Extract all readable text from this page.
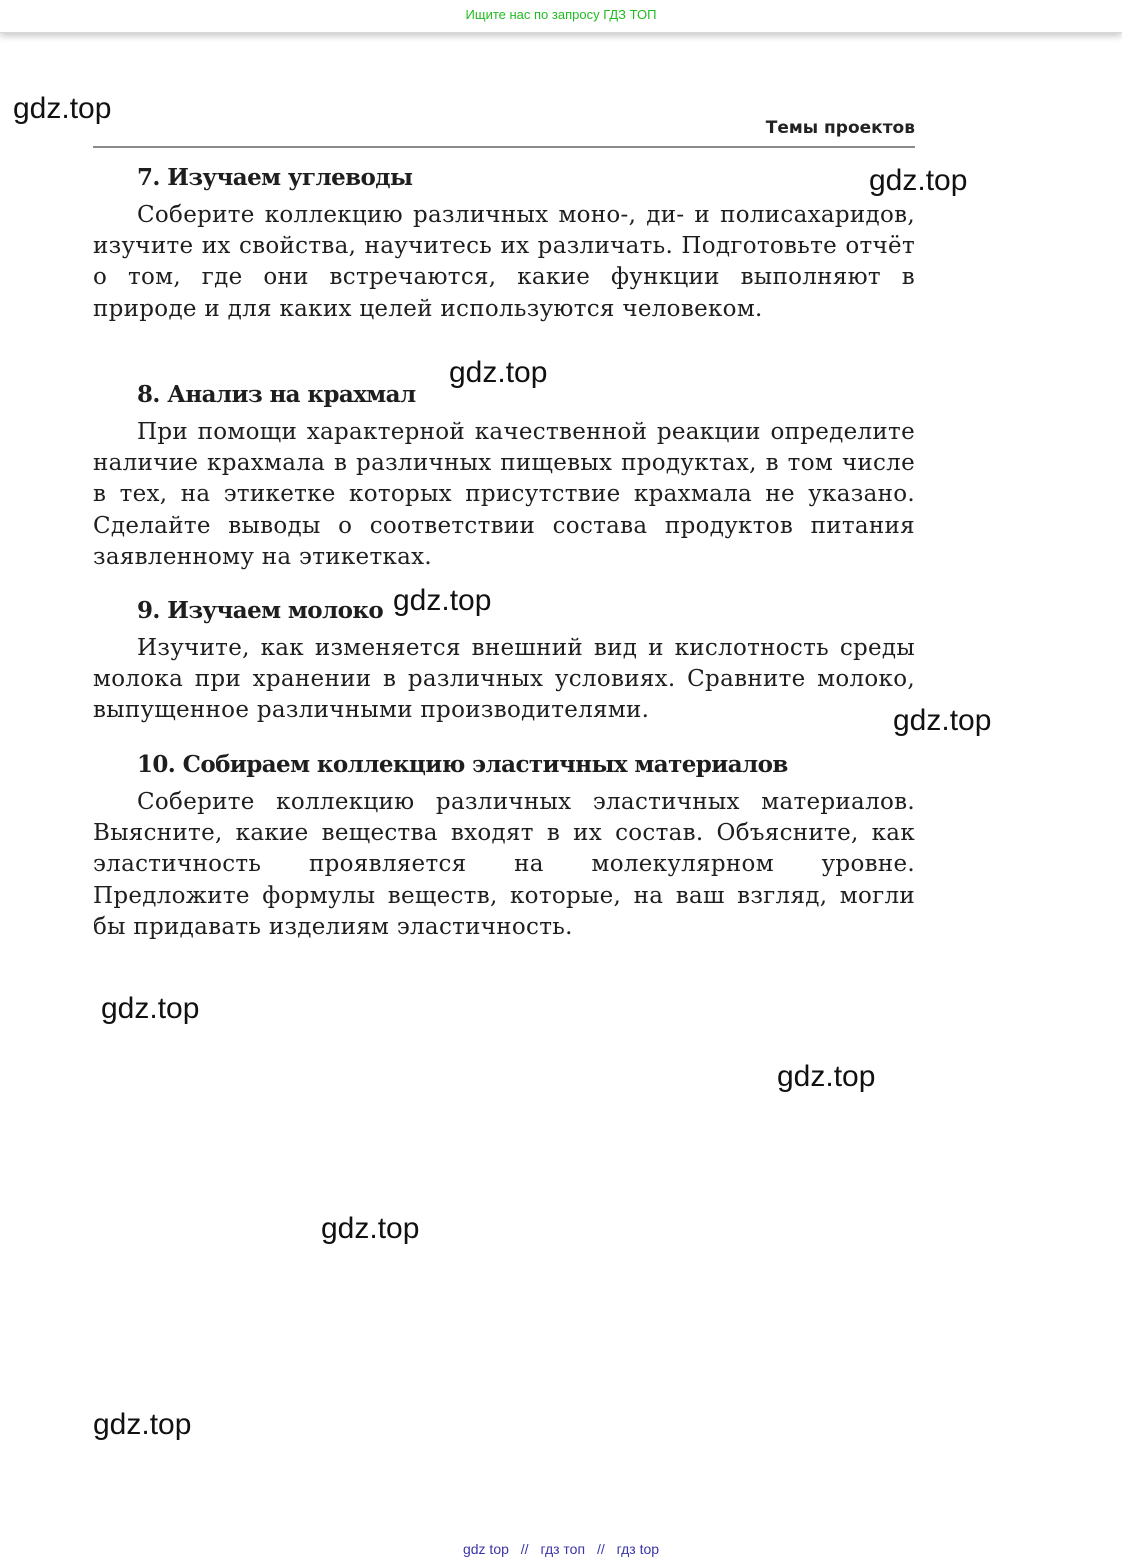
Ищите нас по запросу ГДЗ ТОП
Темы проектов
7. Изучаем углеводы

Соберите коллекцию различных моно-, ди- и полисахаридов, изучите их свойства, научитесь их различать. Подготовьте отчёт о том, где они встречаются, какие функции выполняют в природе и для каких целей используются человеком.

8. Анализ на крахмал

При помощи характерной качественной реакции определите наличие крахмала в различных пищевых продуктах, в том числе в тех, на этикетке которых присутствие крахмала не указано. Сделайте выводы о соответствии состава продуктов питания заявленному на этикетках.

9. Изучаем молоко

Изучите, как изменяется внешний вид и кислотность среды молока при хранении в различных условиях. Сравните молоко, выпущенное различными производителями.

10. Собираем коллекцию эластичных материалов

Соберите коллекцию различных эластичных материалов. Выясните, какие вещества входят в их состав. Объясните, как эластичность проявляется на молекулярном уровне. Предложите формулы веществ, которые, на ваш взгляд, могли бы придавать изделиям эластичность.

gdz.top
gdz.top
gdz.top
gdz.top
gdz.top
gdz.top
gdz.top
gdz.top
gdz.top
gdz top // гдз топ // гдз top
